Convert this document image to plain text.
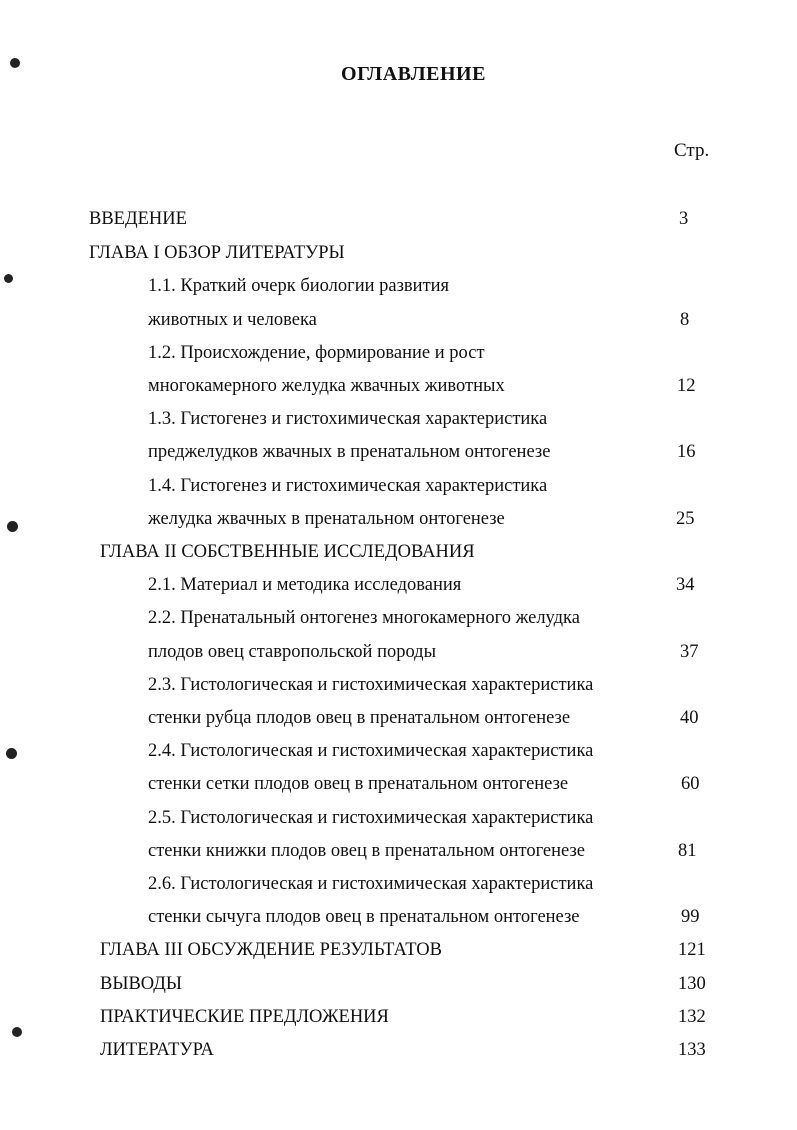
ОГЛАВЛЕНИЕ
Стр.
ВВЕДЕНИЕ	3
ГЛАВА I ОБЗОР ЛИТЕРАТУРЫ
1.1. Краткий очерк биологии развития
животных и человека	8
1.2. Происхождение, формирование и рост
многокамерного желудка жвачных животных	12
1.3. Гистогенез и гистохимическая характеристика
преджелудков жвачных в пренатальном онтогенезе	16
1.4. Гистогенез и гистохимическая характеристика
желудка жвачных в пренатальном онтогенезе	25
ГЛАВА II СОБСТВЕННЫЕ ИССЛЕДОВАНИЯ
2.1. Материал и методика исследования	34
2.2. Пренатальный онтогенез многокамерного желудка
плодов овец ставропольской породы	37
2.3. Гистологическая и гистохимическая характеристика
стенки рубца плодов овец в пренатальном онтогенезе	40
2.4. Гистологическая и гистохимическая характеристика
стенки сетки плодов овец в пренатальном онтогенезе	60
2.5. Гистологическая и гистохимическая характеристика
стенки книжки плодов овец в пренатальном онтогенезе	81
2.6. Гистологическая и гистохимическая характеристика
стенки сычуга плодов овец в пренатальном онтогенезе	99
ГЛАВА III ОБСУЖДЕНИЕ РЕЗУЛЬТАТОВ	121
ВЫВОДЫ	130
ПРАКТИЧЕСКИЕ ПРЕДЛОЖЕНИЯ	132
ЛИТЕРАТУРА	133
